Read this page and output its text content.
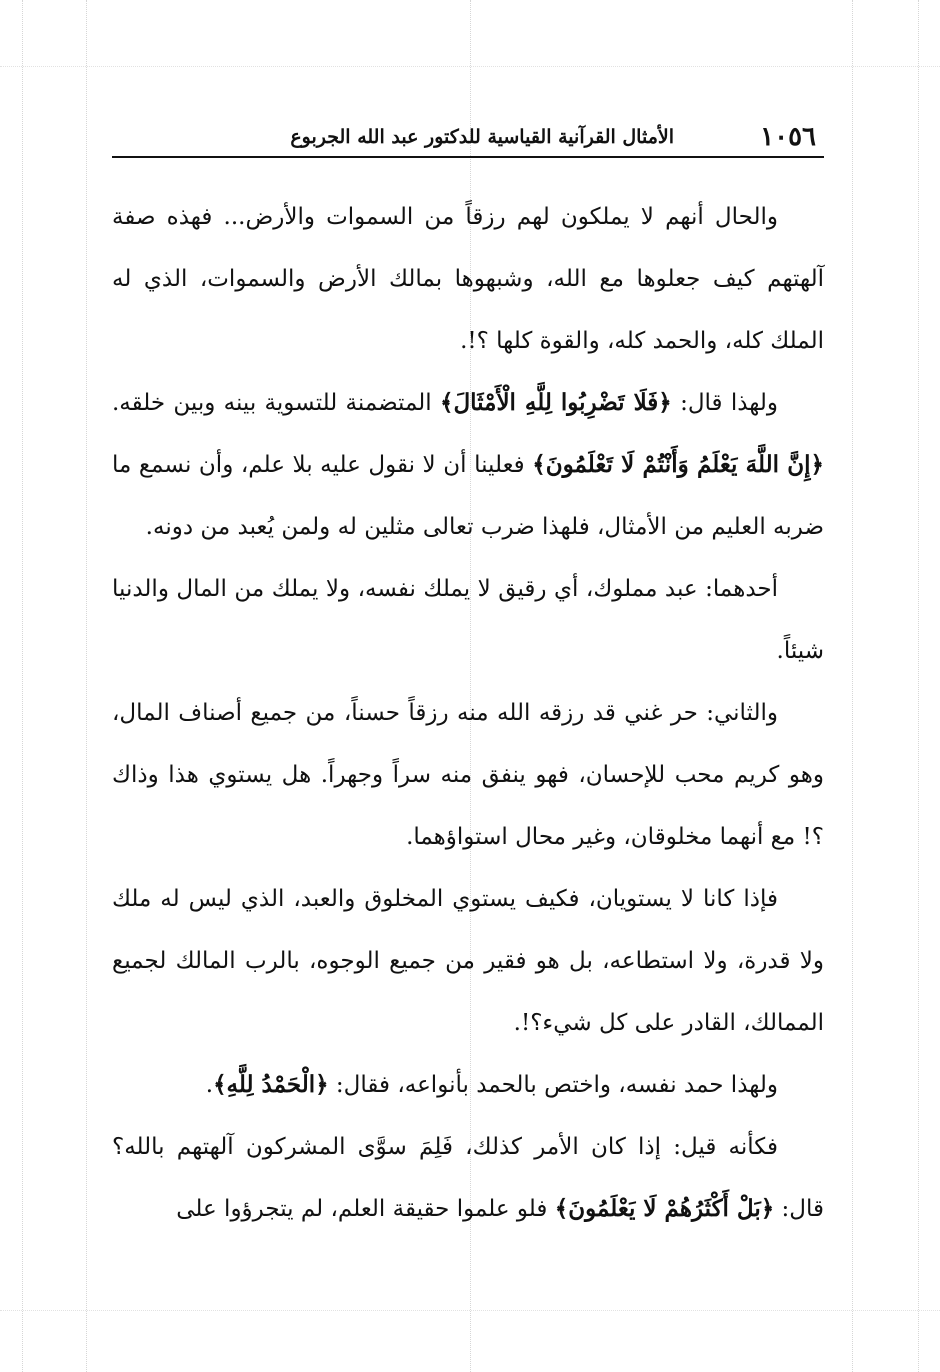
١٠٥٦
الأمثال القرآنية القياسية للدكتور عبد الله الجربوع

والحال أنهم لا يملكون لهم رزقاً من السموات والأرض... فهذه صفة آلهتهم كيف جعلوها مع الله، وشبهوها بمالك الأرض والسموات، الذي له الملك كله، والحمد كله، والقوة كلها ؟!.

ولهذا قال: ﴿فَلَا تَضْرِبُوا لِلَّهِ الْأَمْثَالَ﴾ المتضمنة للتسوية بينه وبين خلقه. ﴿إِنَّ اللَّهَ يَعْلَمُ وَأَنْتُمْ لَا تَعْلَمُونَ﴾ فعلينا أن لا نقول عليه بلا علم، وأن نسمع ما ضربه العليم من الأمثال، فلهذا ضرب تعالى مثلين له ولمن يُعبد من دونه.

أحدهما: عبد مملوك، أي رقيق لا يملك نفسه، ولا يملك من المال والدنيا شيئاً.

والثاني: حر غني قد رزقه الله منه رزقاً حسناً، من جميع أصناف المال، وهو كريم محب للإحسان، فهو ينفق منه سراً وجهراً. هل يستوي هذا وذاك ؟! مع أنهما مخلوقان، وغير محال استواؤهما.

فإذا كانا لا يستويان، فكيف يستوي المخلوق والعبد، الذي ليس له ملك ولا قدرة، ولا استطاعه، بل هو فقير من جميع الوجوه، بالرب المالك لجميع الممالك، القادر على كل شيء؟!.

ولهذا حمد نفسه، واختص بالحمد بأنواعه، فقال: ﴿الْحَمْدُ لِلَّهِ﴾.

فكأنه قيل: إذا كان الأمر كذلك، فَلِمَ سوَّى المشركون آلهتهم بالله؟ قال: ﴿بَلْ أَكْثَرُهُمْ لَا يَعْلَمُونَ﴾ فلو علموا حقيقة العلم، لم يتجرؤوا على
